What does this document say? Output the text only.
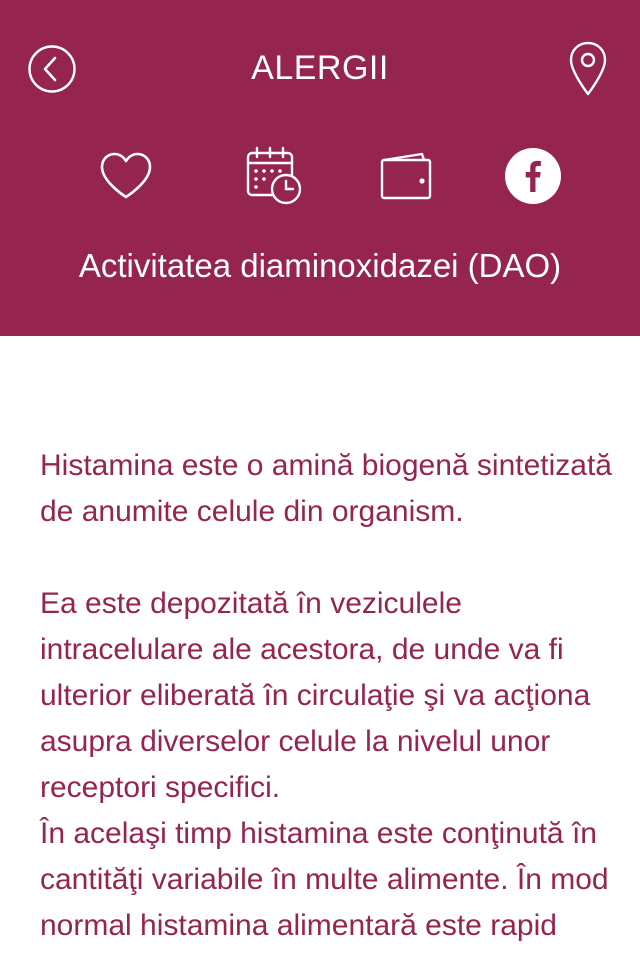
ALERGII
Activitatea diaminoxidazei (DAO)

Histamina este o amină biogenă sintetizată de anumite celule din organism.

Ea este depozitată în veziculele intracelulare ale acestora, de unde va fi ulterior eliberată în circulaţie şi va acţiona asupra diverselor celule la nivelul unor receptori specifici.

În acelaşi timp histamina este conţinută în cantităţi variabile în multe alimente. În mod normal histamina alimentară este rapid
